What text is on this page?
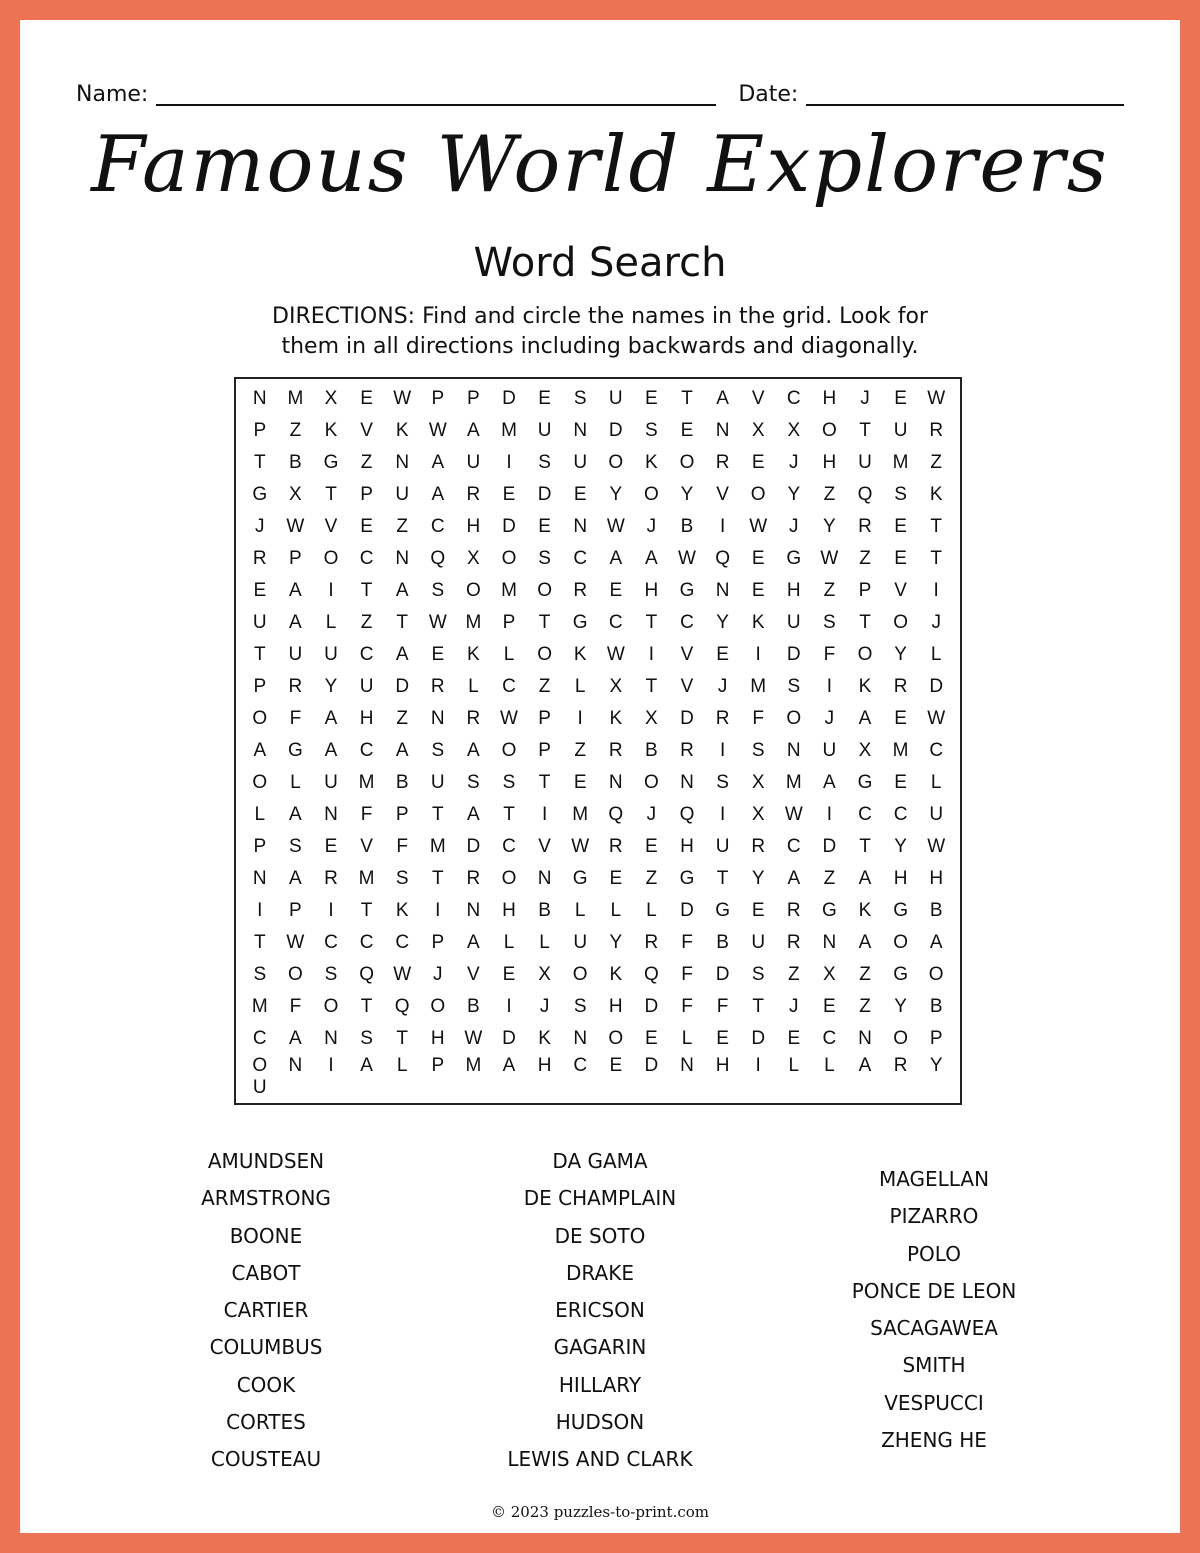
Name:	Date:
Famous World Explorers
Word Search
DIRECTIONS: Find and circle the names in the grid. Look for
them in all directions including backwards and diagonally.
N	M	X	E	W	P	P	D	E	S	U	E	T	A	V	C	H	J	E	W
P	Z	K	V	K	W	A	M	U	N	D	S	E	N	X	X	O	T	U	R
T	B	G	Z	N	A	U	I	S	U	O	K	O	R	E	J	H	U	M	Z
G	X	T	P	U	A	R	E	D	E	Y	O	Y	V	O	Y	Z	Q	S	K
J	W	V	E	Z	C	H	D	E	N	W	J	B	I	W	J	Y	R	E	T
R	P	O	C	N	Q	X	O	S	C	A	A	W	Q	E	G	W	Z	E	T
E	A	I	T	A	S	O	M	O	R	E	H	G	N	E	H	Z	P	V	I
U	A	L	Z	T	W M	P	T	G	C	T	C	Y	K	U	S	T	O	J
T	U	U	C	A	E	K	L	O	K	W	I	V	E	I	D	F	O	Y	L
P	R	Y	U	D	R	L	C	Z	L	X	T	V	J	M	S	I	K	R	D
O	F	A	H	Z	N	R	W	P	I	K	X	D	R	F	O	J	A	E	W
A	G	A	C	A	S	A	O	P	Z	R	B	R	I	S	N	U	X	M	C
O	L	U	M	B	U	S	S	T	E	N	O	N	S	X	M	A	G	E	L
L	A	N	F	P	T	A	T	I	M	Q	J	Q	I	X	W	I	C	C	U
P	S	E	V	F	M	D	C	V	W	R	E	H	U	R	C	D	T	Y	W
N	A	R	M	S	T	R	O	N	G	E	Z	G	T	Y	A	Z	A	H	H
I	P	I	T	K	I	N	H	B	L	L	L	D	G	E	R	G	K	G	B
T	W	C	C	C	P	A	L	L	U	Y	R	F	B	U	R	N	A	O	A
S	O	S	Q	W	J	V	E	X	O	K	Q	F	D	S	Z	X	Z	G	O
M	F	O	T	Q	O	B	I	J	S	H	D	F	F	T	J	E	Z	Y	B
C	A	N	S	T	H	W	D	K	N	O	E	L	E	D	E	C	N	O	P
O	N	I	A	L	P	M	A	H	C	E	D	N	H	I	L	L	A	R	Y
U
AMUNDSEN
ARMSTRONG
BOONE
CABOT
CARTIER
COLUMBUS
COOK
CORTES
COUSTEAU
DA GAMA
DE CHAMPLAIN
DE SOTO
DRAKE
ERICSON
GAGARIN
HILLARY
HUDSON
LEWIS AND CLARK
MAGELLAN
PIZARRO
POLO
PONCE DE LEON
SACAGAWEA
SMITH
VESPUCCI
ZHENG HE
© 2023 puzzles-to-print.com
